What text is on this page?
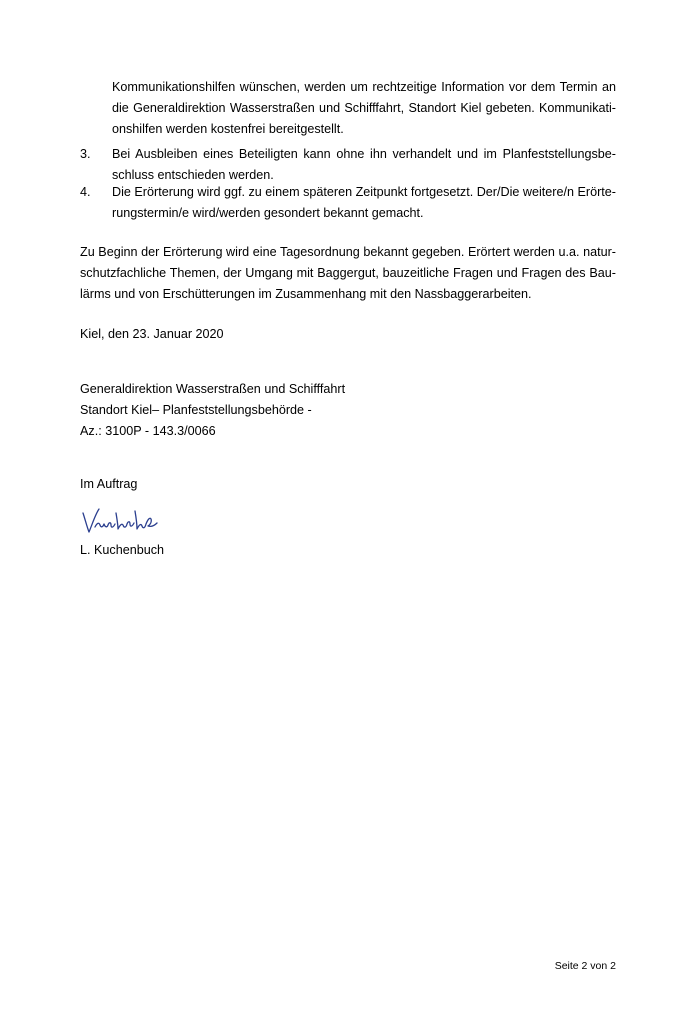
Kommunikationshilfen wünschen, werden um rechtzeitige Information vor dem Termin an
die Generaldirektion Wasserstraßen und Schifffahrt, Standort Kiel gebeten. Kommunikati-
onshilfen werden kostenfrei bereitgestellt.
3.	Bei Ausbleiben eines Beteiligten kann ohne ihn verhandelt und im Planfeststellungsbe-
schluss entschieden werden.
4.	Die Erörterung wird ggf. zu einem späteren Zeitpunkt fortgesetzt. Der/Die weitere/n Erörte-
rungstermin/e wird/werden gesondert bekannt gemacht.
Zu Beginn der Erörterung wird eine Tagesordnung bekannt gegeben. Erörtert werden u.a. natur-
schutzfachliche Themen, der Umgang mit Baggergut, bauzeitliche Fragen und Fragen des Bau-
lärms und von Erschütterungen im Zusammenhang mit den Nassbaggerarbeiten.
Kiel, den 23. Januar 2020
Generaldirektion Wasserstraßen und Schifffahrt
Standort Kiel– Planfeststellungsbehörde -
Az.: 3100P - 143.3/0066
Im Auftrag
L. Kuchenbuch
Seite 2 von 2
